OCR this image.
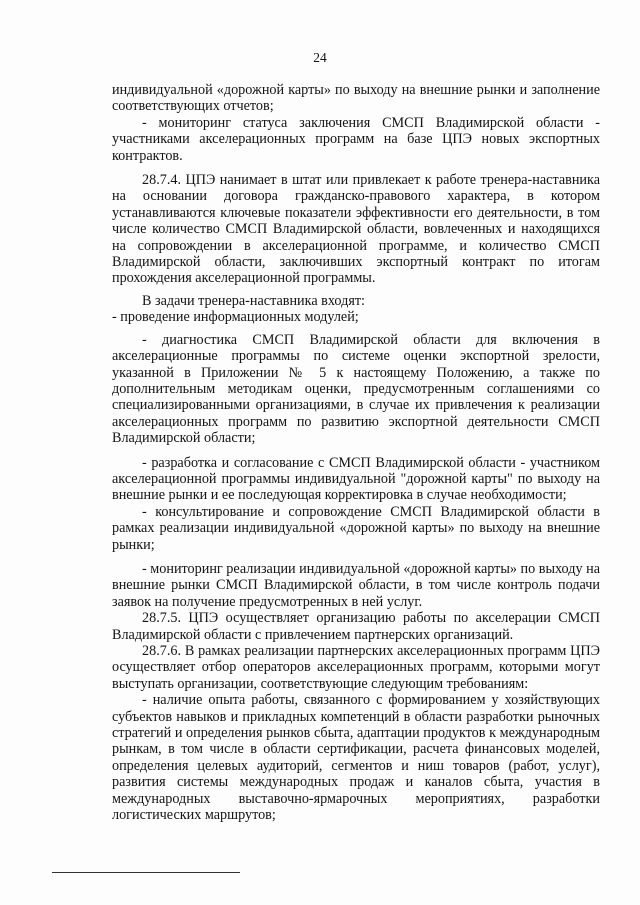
24

индивидуальной «дорожной карты» по выходу на внешние рынки и заполнение соответствующих отчетов;

- мониторинг статуса заключения СМСП Владимирской области - участниками акселерационных программ на базе ЦПЭ новых экспортных контрактов.

28.7.4. ЦПЭ нанимает в штат или привлекает к работе тренера-наставника на основании договора гражданско-правового характера, в котором устанавливаются ключевые показатели эффективности его деятельности, в том числе количество СМСП Владимирской области, вовлеченных и находящихся на сопровождении в акселерационной программе, и количество СМСП Владимирской области, заключивших экспортный контракт по итогам прохождения акселерационной программы.

В задачи тренера-наставника входят:

- проведение информационных модулей;

- диагностика СМСП Владимирской области для включения в акселерационные программы по системе оценки экспортной зрелости, указанной в Приложении № 5 к настоящему Положению, а также по дополнительным методикам оценки, предусмотренным соглашениями со специализированными организациями, в случае их привлечения к реализации акселерационных программ по развитию экспортной деятельности СМСП Владимирской области;

- разработка и согласование с СМСП Владимирской области - участником акселерационной программы индивидуальной "дорожной карты" по выходу на внешние рынки и ее последующая корректировка в случае необходимости;

- консультирование и сопровождение СМСП Владимирской области в рамках реализации индивидуальной «дорожной карты» по выходу на внешние рынки;

- мониторинг реализации индивидуальной «дорожной карты» по выходу на внешние рынки СМСП Владимирской области, в том числе контроль подачи заявок на получение предусмотренных в ней услуг.

28.7.5. ЦПЭ осуществляет организацию работы по акселерации СМСП Владимирской области с привлечением партнерских организаций.

28.7.6. В рамках реализации партнерских акселерационных программ ЦПЭ осуществляет отбор операторов акселерационных программ, которыми могут выступать организации, соответствующие следующим требованиям:

- наличие опыта работы, связанного с формированием у хозяйствующих субъектов навыков и прикладных компетенций в области разработки рыночных стратегий и определения рынков сбыта, адаптации продуктов к международным рынкам, в том числе в области сертификации, расчета финансовых моделей, определения целевых аудиторий, сегментов и ниш товаров (работ, услуг), развития системы международных продаж и каналов сбыта, участия в международных выставочно-ярмарочных мероприятиях, разработки логистических маршрутов;
